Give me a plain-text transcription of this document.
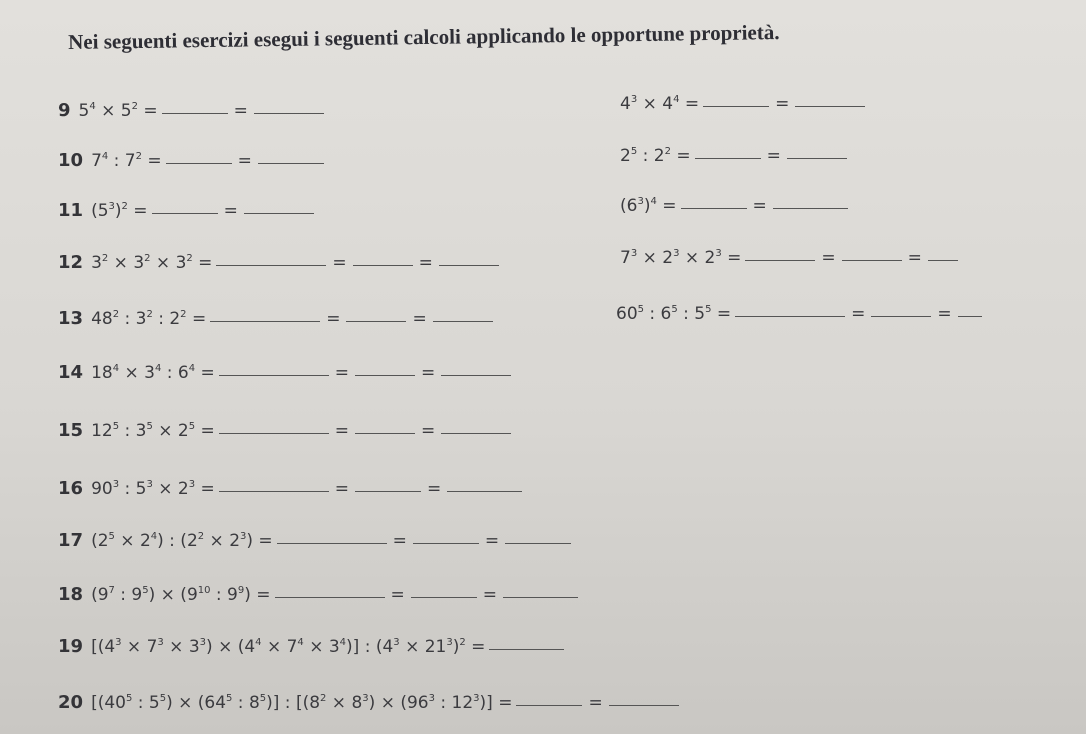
Nei seguenti esercizi esegui i seguenti calcoli applicando le opportune proprietà.
9 $5^4 \times 5^2$ =	=	$4^3 \times 4^4$ =	=
10 $7^4$ : $7^2$ =	=	$2^5$ : $2^2$ =	=
11 $(5^3)^2$ =	=	$(6^3)^4$ =	=
12 $3^2 \times 3^2 \times 3^2$ =	=	=	$7^3 \times 2^3 \times 2^3$ =	=	=
13 $48^2$ : $3^2$ : $2^2$ =	=	=	$60^5$ : $6^5$ : $5^5$ =	=	=
14 $18^4 \times 3^4$ : $6^4$ =	=	=
15 $12^5$ : $3^5 \times 2^5$ =	=	=
16 $90^3$ : $5^3 \times 2^3$ =	=	=
17 $(2^5 \times 2^4)$ : $(2^2 \times 2^3)$ =	=	=
18 ($9^7$ : $9^5) \times (9^{10}$ : $9^9$) =	=	=
19 $[(4^3 \times 7^3 \times 3^3) \times (4^4 \times 7^4 \times 3^4)]$ : $(4^3 \times 21^3)^2$ =
20 [($40^5$ : $5^5) \times (64^5$ : $8^5$)] : [$(8^2 \times 8^3) \times (96^3$ : $12^3$)] =	=
